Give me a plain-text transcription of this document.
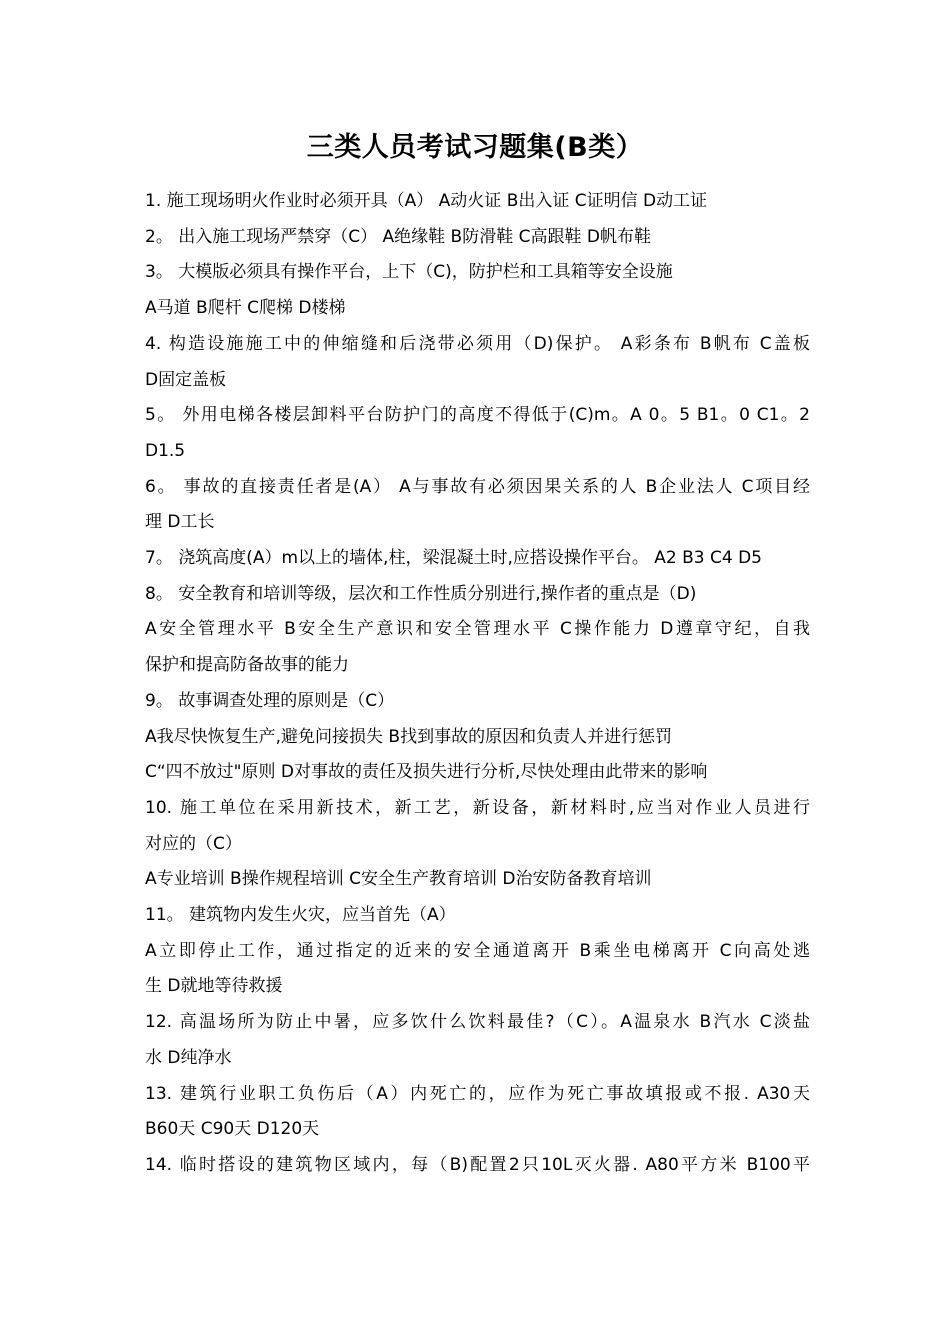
三类人员考试习题集(B类）
1. 施工现场明火作业时必须开具（A） A动火证 B出入证 C证明信 D动工证
2。 出入施工现场严禁穿（C） A绝缘鞋 B防滑鞋 C高跟鞋 D帆布鞋
3。 大模版必须具有操作平台，上下（C)，防护栏和工具箱等安全设施
A马道 B爬杆 C爬梯 D楼梯
4. 构造设施施工中的伸缩缝和后浇带必须用（D)保护。 A彩条布 B帆布 C盖板
D固定盖板
5。 外用电梯各楼层卸料平台防护门的高度不得低于(C)m。A 0。5 B1。0 C1。2
D1.5
6。 事故的直接责任者是(A） A与事故有必须因果关系的人 B企业法人 C项目经
理 D工长
7。 浇筑高度(A）m以上的墙体,柱，梁混凝土时,应搭设操作平台。 A2 B3 C4 D5
8。 安全教育和培训等级，层次和工作性质分别进行,操作者的重点是（D)
A安全管理水平 B安全生产意识和安全管理水平 C操作能力 D遵章守纪，自我
保护和提高防备故事的能力
9。 故事调查处理的原则是（C）
A我尽快恢复生产,避免问接损失 B找到事故的原因和负责人并进行惩罚
C“四不放过"原则 D对事故的责任及损失进行分析,尽快处理由此带来的影响
10. 施工单位在采用新技术，新工艺，新设备，新材料时,应当对作业人员进行
对应的（C）
A专业培训 B操作规程培训 C安全生产教育培训 D治安防备教育培训
11。 建筑物内发生火灾，应当首先（A）
A立即停止工作，通过指定的近来的安全通道离开 B乘坐电梯离开 C向高处逃
生 D就地等待救援
12. 高温场所为防止中暑，应多饮什么饮料最佳?（C）。A温泉水 B汽水 C淡盐
水 D纯净水
13. 建筑行业职工负伤后（A）内死亡的，应作为死亡事故填报或不报. A30天
B60天 C90天 D120天
14. 临时搭设的建筑物区域内，每（B)配置2只10L灭火器. A80平方米 B100平
